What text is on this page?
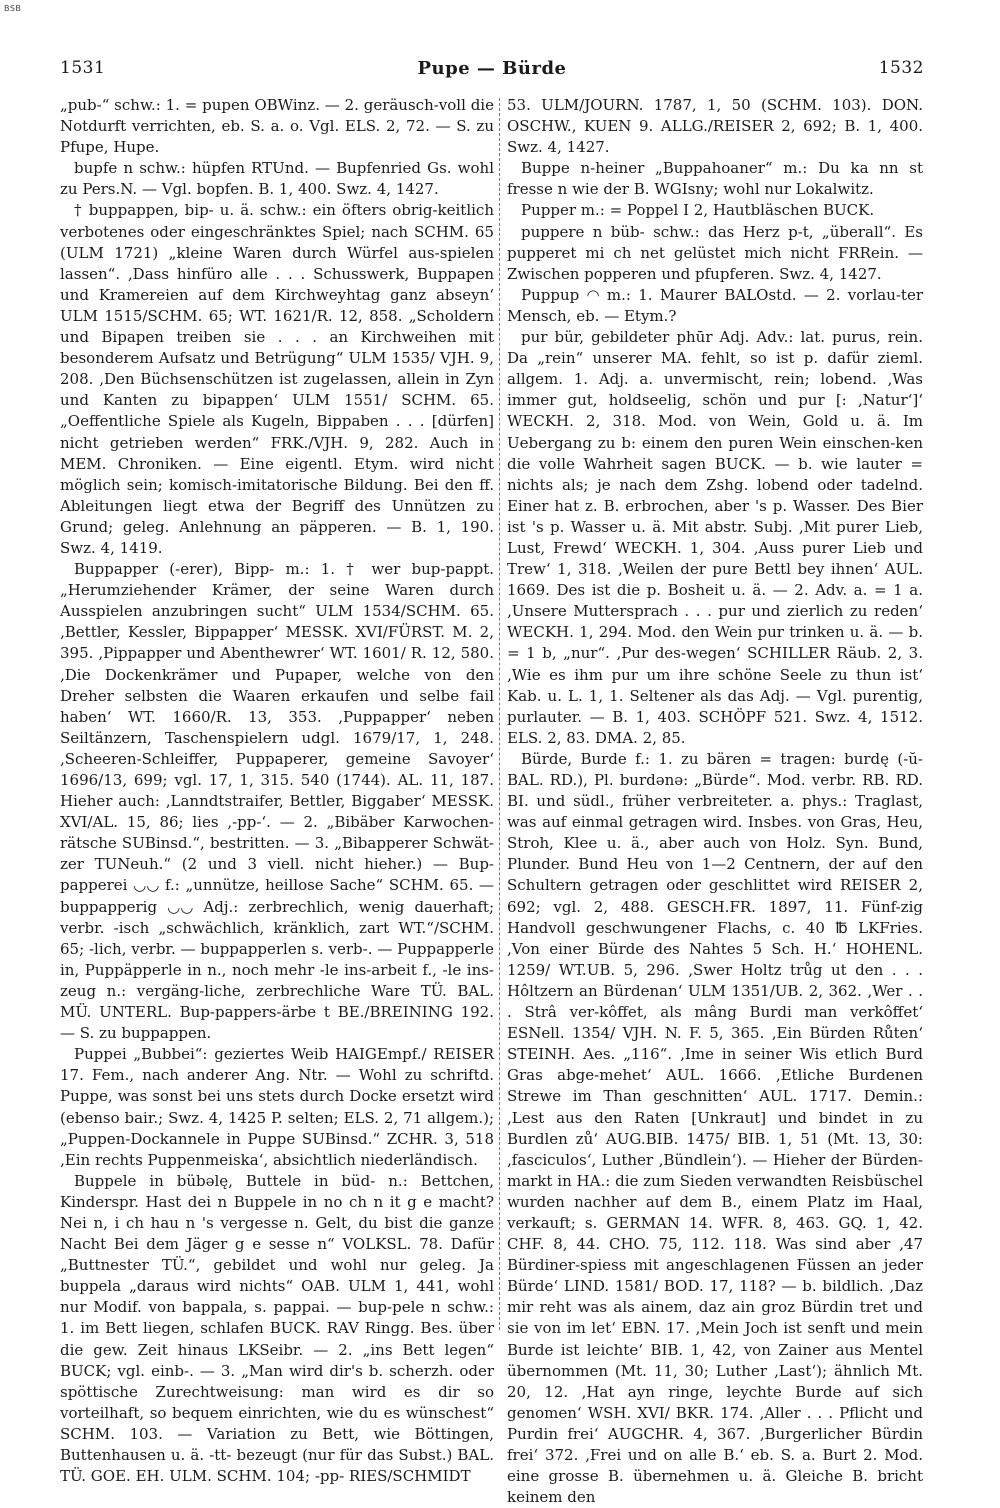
BSB
1531	Pupe — Bürde	1532

„pub-“ schw.: 1. = pupen OBWinz. — 2. geräusch-voll die Notdurft verrichten, eb. S. a. o. Vgl. ELS. 2, 72. — S. zu Pfupe, Hupe.

bupfe n schw.: hüpfen RTUnd. — Bupfenried Gs. wohl zu Pers.N. — Vgl. bopfen. B. 1, 400. Swz. 4, 1427.

† buppappen, bip- u. ä. schw.: ein öfters obrig-keitlich verbotenes oder eingeschränktes Spiel; nach SCHM. 65 (ULM 1721) „kleine Waren durch Würfel aus-spielen lassen“. ‚Dass hinfüro alle . . . Schusswerk, Buppapen und Kramereien auf dem Kirchweyhtag ganz abseyn‘ ULM 1515/SCHM. 65; WT. 1621/R. 12, 858. „Scholdern und Bipapen treiben sie . . . an Kirchweihen mit besonderem Aufsatz und Betrügung“ ULM 1535/ VJH. 9, 208. ‚Den Büchsenschützen ist zugelassen, allein in Zyn und Kanten zu bipappen‘ ULM 1551/ SCHM. 65. „Oeffentliche Spiele als Kugeln, Bippaben . . . [dürfen] nicht getrieben werden“ FRK./VJH. 9, 282. Auch in MEM. Chroniken. — Eine eigentl. Etym. wird nicht möglich sein; komisch-imitatorische Bildung. Bei den ff. Ableitungen liegt etwa der Begriff des Unnützen zu Grund; geleg. Anlehnung an päpperen. — B. 1, 190. Swz. 4, 1419.

Buppapper (-erer), Bipp- m.: 1. † wer bup-pappt. „Herumziehender Krämer, der seine Waren durch Ausspielen anzubringen sucht“ ULM 1534/SCHM. 65. ‚Bettler, Kessler, Bippapper‘ MESSK. XVI/FÜRST. M. 2, 395. ‚Pippapper und Abenthewrer‘ WT. 1601/ R. 12, 580. ‚Die Dockenkrämer und Pupaper, welche von den Dreher selbsten die Waaren erkaufen und selbe fail haben‘ WT. 1660/R. 13, 353. ‚Puppapper‘ neben Seiltänzern, Taschenspielern udgl. 1679/17, 1, 248. ‚Scheeren-Schleiffer, Puppaperer, gemeine Savoyer‘ 1696/13, 699; vgl. 17, 1, 315. 540 (1744). AL. 11, 187. Hieher auch: ‚Lanndtstraifer, Bettler, Biggaber‘ MESSK. XVI/AL. 15, 86; lies ‚-pp-‘. — 2. „Bibäber Karwochen-rätsche SUBinsd.“, bestritten. — 3. „Bibapperer Schwät-zer TUNeuh.“ (2 und 3 viell. nicht hieher.) — Bup-papperei ◡◡ f.: „unnütze, heillose Sache“ SCHM. 65. — buppapperig ◡◡ Adj.: zerbrechlich, wenig dauerhaft; verbr. -isch „schwächlich, kränklich, zart WT.“/SCHM. 65; -lich, verbr. — buppapperlen s. verb-. — Puppapperle in, Puppäpperle in n., noch mehr -le ins-arbeit f., -le ins-zeug n.: vergäng-liche, zerbrechliche Ware TÜ. BAL. MÜ. UNTERL. Bup-pappers-ärbe t BE./BREINING 192. — S. zu buppappen.

Puppei „Bubbei“: geziertes Weib HAIGEmpf./ REISER 17. Fem., nach anderer Ang. Ntr. — Wohl zu schriftd. Puppe, was sonst bei uns stets durch Docke ersetzt wird (ebenso bair.; Swz. 4, 1425 P. selten; ELS. 2, 71 allgem.); „Puppen-Dockannele in Puppe SUBinsd.“ ZCHR. 3, 518 ‚Ein rechts Puppenmeiska‘, absichtlich niederländisch.

Buppele in bübəlę, Buttele in büd- n.: Bettchen, Kinderspr. Hast dei n Buppele in no ch n it g e macht? Nei n, i ch hau n 's vergesse n. Gelt, du bist die ganze Nacht Bei dem Jäger g e sesse n“ VOLKSL. 78. Dafür „Buttnester TÜ.“, gebildet und wohl nur geleg. Ja buppela „daraus wird nichts“ OAB. ULM 1, 441, wohl nur Modif. von bappala, s. pappai. — bup-pele n schw.: 1. im Bett liegen, schlafen BUCK. RAV Ringg. Bes. über die gew. Zeit hinaus LKSeibr. — 2. „ins Bett legen“ BUCK; vgl. einb-. — 3. „Man wird dir's b. scherzh. oder spöttische Zurechtweisung: man wird es dir so vorteilhaft, so bequem einrichten, wie du es wünschest“ SCHM. 103. — Variation zu Bett, wie Böttingen, Buttenhausen u. ä. -tt- bezeugt (nur für das Subst.) BAL. TÜ. GOE. EH. ULM. SCHM. 104; -pp- RIES/SCHMIDT

53. ULM/JOURN. 1787, 1, 50 (SCHM. 103). DON. OSCHW., KUEN 9. ALLG./REISER 2, 692; B. 1, 400. Swz. 4, 1427.

Buppe n-heiner „Buppahoaner“ m.: Du ka nn st fresse n wie der B. WGIsny; wohl nur Lokalwitz.

Pupper m.: = Poppel I 2, Hautbläschen BUCK.

puppere n büb- schw.: das Herz p-t, „überall“. Es pupperet mi ch net gelüstet mich nicht FRRein. — Zwischen popperen und pfupferen. Swz. 4, 1427.

Puppup ◠ m.: 1. Maurer BALOstd. — 2. vorlau-ter Mensch, eb. — Etym.?

pur bür, gebildeter phūr Adj. Adv.: lat. purus, rein. Da „rein“ unserer MA. fehlt, so ist p. dafür zieml. allgem. 1. Adj. a. unvermischt, rein; lobend. ‚Was immer gut, holdseelig, schön und pur [: ‚Natur‘]‘ WECKH. 2, 318. Mod. von Wein, Gold u. ä. Im Uebergang zu b: einem den puren Wein einschen-ken die volle Wahrheit sagen BUCK. — b. wie lauter = nichts als; je nach dem Zshg. lobend oder tadelnd. Einer hat z. B. erbrochen, aber 's p. Wasser. Des Bier ist 's p. Wasser u. ä. Mit abstr. Subj. ‚Mit purer Lieb, Lust, Frewd‘ WECKH. 1, 304. ‚Auss purer Lieb und Trew‘ 1, 318. ‚Weilen der pure Bettl bey ihnen‘ AUL. 1669. Des ist die p. Bosheit u. ä. — 2. Adv. a. = 1 a. ‚Unsere Muttersprach . . . pur und zierlich zu reden‘ WECKH. 1, 294. Mod. den Wein pur trinken u. ä. — b. = 1 b, „nur“. ‚Pur des-wegen‘ SCHILLER Räub. 2, 3. ‚Wie es ihm pur um ihre schöne Seele zu thun ist‘ Kab. u. L. 1, 1. Seltener als das Adj. — Vgl. purentig, purlauter. — B. 1, 403. SCHÖPF 521. Swz. 4, 1512. ELS. 2, 83. DMA. 2, 85.

Bürde, Burde f.: 1. zu bären = tragen: burdę (-ŭ- BAL. RD.), Pl. burdənə: „Bürde“. Mod. verbr. RB. RD. BI. und südl., früher verbreiteter. a. phys.: Traglast, was auf einmal getragen wird. Insbes. von Gras, Heu, Stroh, Klee u. ä., aber auch von Holz. Syn. Bund, Plunder. Bund Heu von 1—2 Centnern, der auf den Schultern getragen oder geschlittet wird REISER 2, 692; vgl. 2, 488. GESCH.FR. 1897, 11. Fünf-zig Handvoll geschwungener Flachs, c. 40 ℔ LKFries. ‚Von einer Bürde des Nahtes 5 Sch. H.‘ HOHENL. 1259/ WT.UB. 5, 296. ‚Swer Holtz trůg ut den . . . Hôltzern an Bürdenan‘ ULM 1351/UB. 2, 362. ‚Wer . . . Strâ ver-kôffet, als mâng Burdi man verkôffet‘ ESNell. 1354/ VJH. N. F. 5, 365. ‚Ein Bürden Růten‘ STEINH. Aes. „116“. ‚Ime in seiner Wis etlich Burd Gras abge-mehet‘ AUL. 1666. ‚Etliche Burdenen Strewe im Than geschnitten‘ AUL. 1717. Demin.: ‚Lest aus den Raten [Unkraut] und bindet in zu Burdlen zů‘ AUG.BIB. 1475/ BIB. 1, 51 (Mt. 13, 30: ‚fasciculos‘, Luther ‚Bündlein‘). — Hieher der Bürden-markt in HA.: die zum Sieden verwandten Reisbüschel wurden nachher auf dem B., einem Platz im Haal, verkauft; s. GERMAN 14. WFR. 8, 463. GQ. 1, 42. CHF. 8, 44. CHO. 75, 112. 118. Was sind aber ‚47 Bürdiner-spiess mit angeschlagenen Füssen an jeder Bürde‘ LIND. 1581/ BOD. 17, 118? — b. bildlich. ‚Daz mir reht was als ainem, daz ain groz Bürdin tret und sie von im let‘ EBN. 17. ‚Mein Joch ist senft und mein Burde ist leichte‘ BIB. 1, 42, von Zainer aus Mentel übernommen (Mt. 11, 30; Luther ‚Last‘); ähnlich Mt. 20, 12. ‚Hat ayn ringe, leychte Burde auf sich genomen‘ WSH. XVI/ BKR. 174. ‚Aller . . . Pflicht und Purdin frei‘ AUGCHR. 4, 367. ‚Burgerlicher Bürdin frei‘ 372. ‚Frei und on alle B.‘ eb. S. a. Burt 2. Mod. eine grosse B. übernehmen u. ä. Gleiche B. bricht keinem den
